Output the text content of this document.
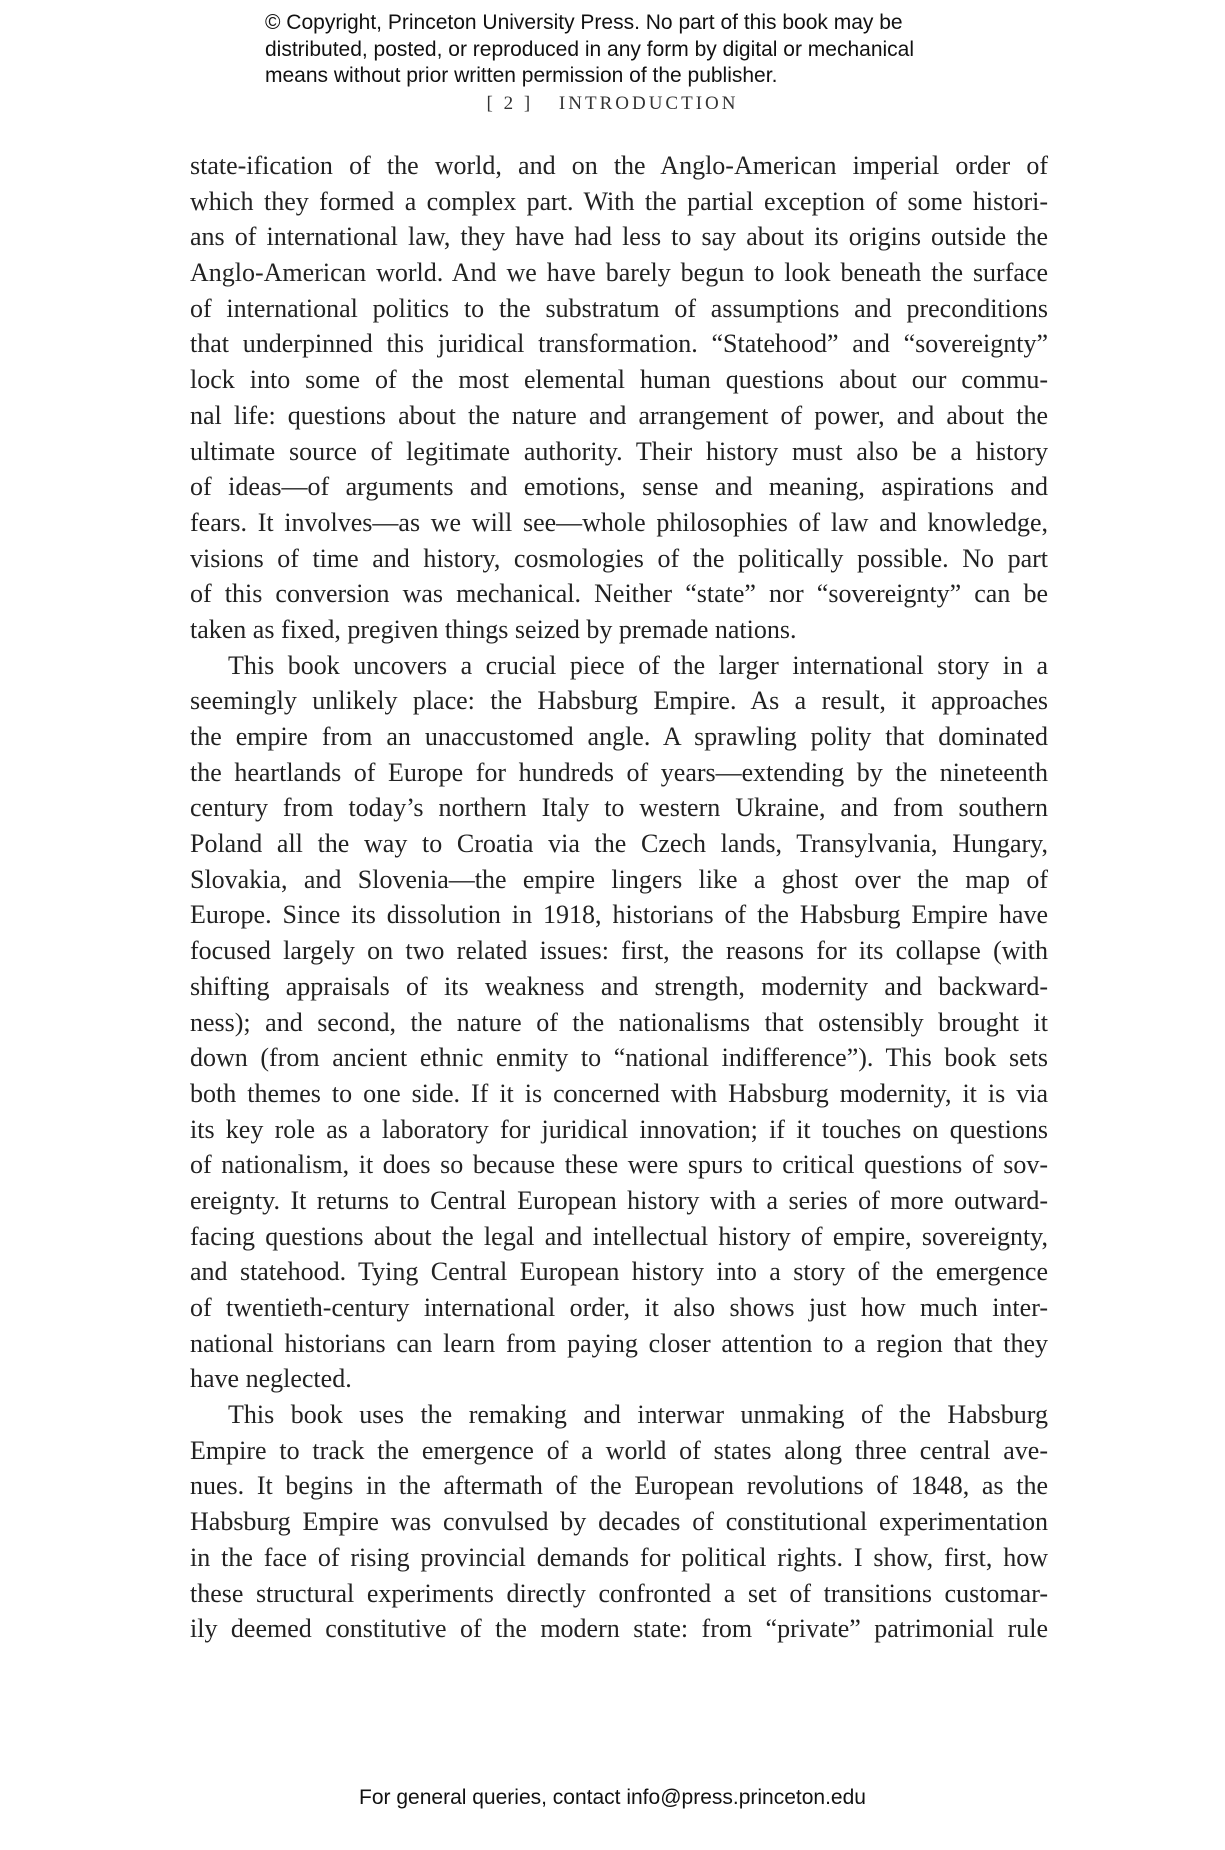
© Copyright, Princeton University Press. No part of this book may be
distributed, posted, or reproduced in any form by digital or mechanical
means without prior written permission of the publisher.
[ 2 ] INTRODUCTION
state-ification of the world, and on the Anglo-American imperial order of
which they formed a complex part. With the partial exception of some histori-
ans of international law, they have had less to say about its origins outside the
Anglo-American world. And we have barely begun to look beneath the surface
of international politics to the substratum of assumptions and preconditions
that underpinned this juridical transformation. “Statehood” and “sovereignty”
lock into some of the most elemental human questions about our commu-
nal life: questions about the nature and arrangement of power, and about the
ultimate source of legitimate authority. Their history must also be a history
of ideas—of arguments and emotions, sense and meaning, aspirations and
fears. It involves—as we will see—whole philosophies of law and knowledge,
visions of time and history, cosmologies of the politically possible. No part
of this conversion was mechanical. Neither “state” nor “sovereignty” can be
taken as fixed, pregiven things seized by premade nations.
This book uncovers a crucial piece of the larger international story in a
seemingly unlikely place: the Habsburg Empire. As a result, it approaches
the empire from an unaccustomed angle. A sprawling polity that dominated
the heartlands of Europe for hundreds of years—extending by the nineteenth
century from today’s northern Italy to western Ukraine, and from southern
Poland all the way to Croatia via the Czech lands, Transylvania, Hungary,
Slovakia, and Slovenia—the empire lingers like a ghost over the map of
Europe. Since its dissolution in 1918, historians of the Habsburg Empire have
focused largely on two related issues: first, the reasons for its collapse (with
shifting appraisals of its weakness and strength, modernity and backward-
ness); and second, the nature of the nationalisms that ostensibly brought it
down (from ancient ethnic enmity to “national indifference”). This book sets
both themes to one side. If it is concerned with Habsburg modernity, it is via
its key role as a laboratory for juridical innovation; if it touches on questions
of nationalism, it does so because these were spurs to critical questions of sov-
ereignty. It returns to Central European history with a series of more outward-
facing questions about the legal and intellectual history of empire, sovereignty,
and statehood. Tying Central European history into a story of the emergence
of twentieth-century international order, it also shows just how much inter-
national historians can learn from paying closer attention to a region that they
have neglected.
This book uses the remaking and interwar unmaking of the Habsburg
Empire to track the emergence of a world of states along three central ave-
nues. It begins in the aftermath of the European revolutions of 1848, as the
Habsburg Empire was convulsed by decades of constitutional experimentation
in the face of rising provincial demands for political rights. I show, first, how
these structural experiments directly confronted a set of transitions customar-
ily deemed constitutive of the modern state: from “private” patrimonial rule
For general queries, contact info@press.princeton.edu
